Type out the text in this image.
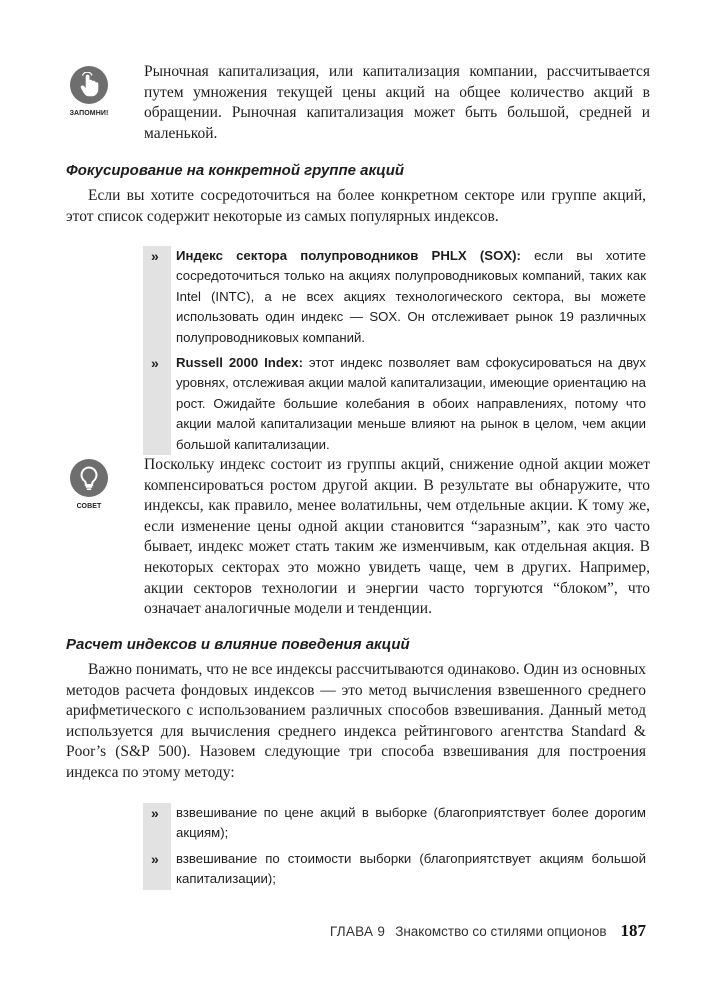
ЗАПОМНИ!
Рыночная капитализация, или капитализация компании, рассчитывается путем умножения текущей цены акций на общее количество акций в обращении. Рыночная капитализация может быть большой, средней и маленькой.
Фокусирование на конкретной группе акций

Если вы хотите сосредоточиться на более конкретном секторе или группе акций, этот список содержит некоторые из самых популярных индексов.

» Индекс сектора полупроводников PHLX (SOX): если вы хотите сосредоточиться только на акциях полупроводниковых компаний, таких как Intel (INTC), а не всех акциях технологического сектора, вы можете использовать один индекс — SOX. Он отслеживает рынок 19 различных полупроводниковых компаний.
» Russell 2000 Index: этот индекс позволяет вам сфокусироваться на двух уровнях, отслеживая акции малой капитализации, имеющие ориентацию на рост. Ожидайте большие колебания в обоих направлениях, потому что акции малой капитализации меньше влияют на рынок в целом, чем акции большой капитализации.
СОВЕТ
Поскольку индекс состоит из группы акций, снижение одной акции может компенсироваться ростом другой акции. В результате вы обнаружите, что индексы, как правило, менее волатильны, чем отдельные акции. К тому же, если изменение цены одной акции становится “заразным”, как это часто бывает, индекс может стать таким же изменчивым, как отдельная акция. В некоторых секторах это можно увидеть чаще, чем в других. Например, акции секторов технологии и энергии часто торгуются “блоком”, что означает аналогичные модели и тенденции.
Расчет индексов и влияние поведения акций

Важно понимать, что не все индексы рассчитываются одинаково. Один из основных методов расчета фондовых индексов — это метод вычисления взвешенного среднего арифметического с использованием различных способов взвешивания. Данный метод используется для вычисления среднего индекса рейтингового агентства Standard & Poor’s (S&P 500). Назовем следующие три способа взвешивания для построения индекса по этому методу:

» взвешивание по цене акций в выборке (благоприятствует более дорогим акциям);
» взвешивание по стоимости выборки (благоприятствует акциям большой капитализации);
ГЛАВА 9 Знакомство со стилями опционов 187
